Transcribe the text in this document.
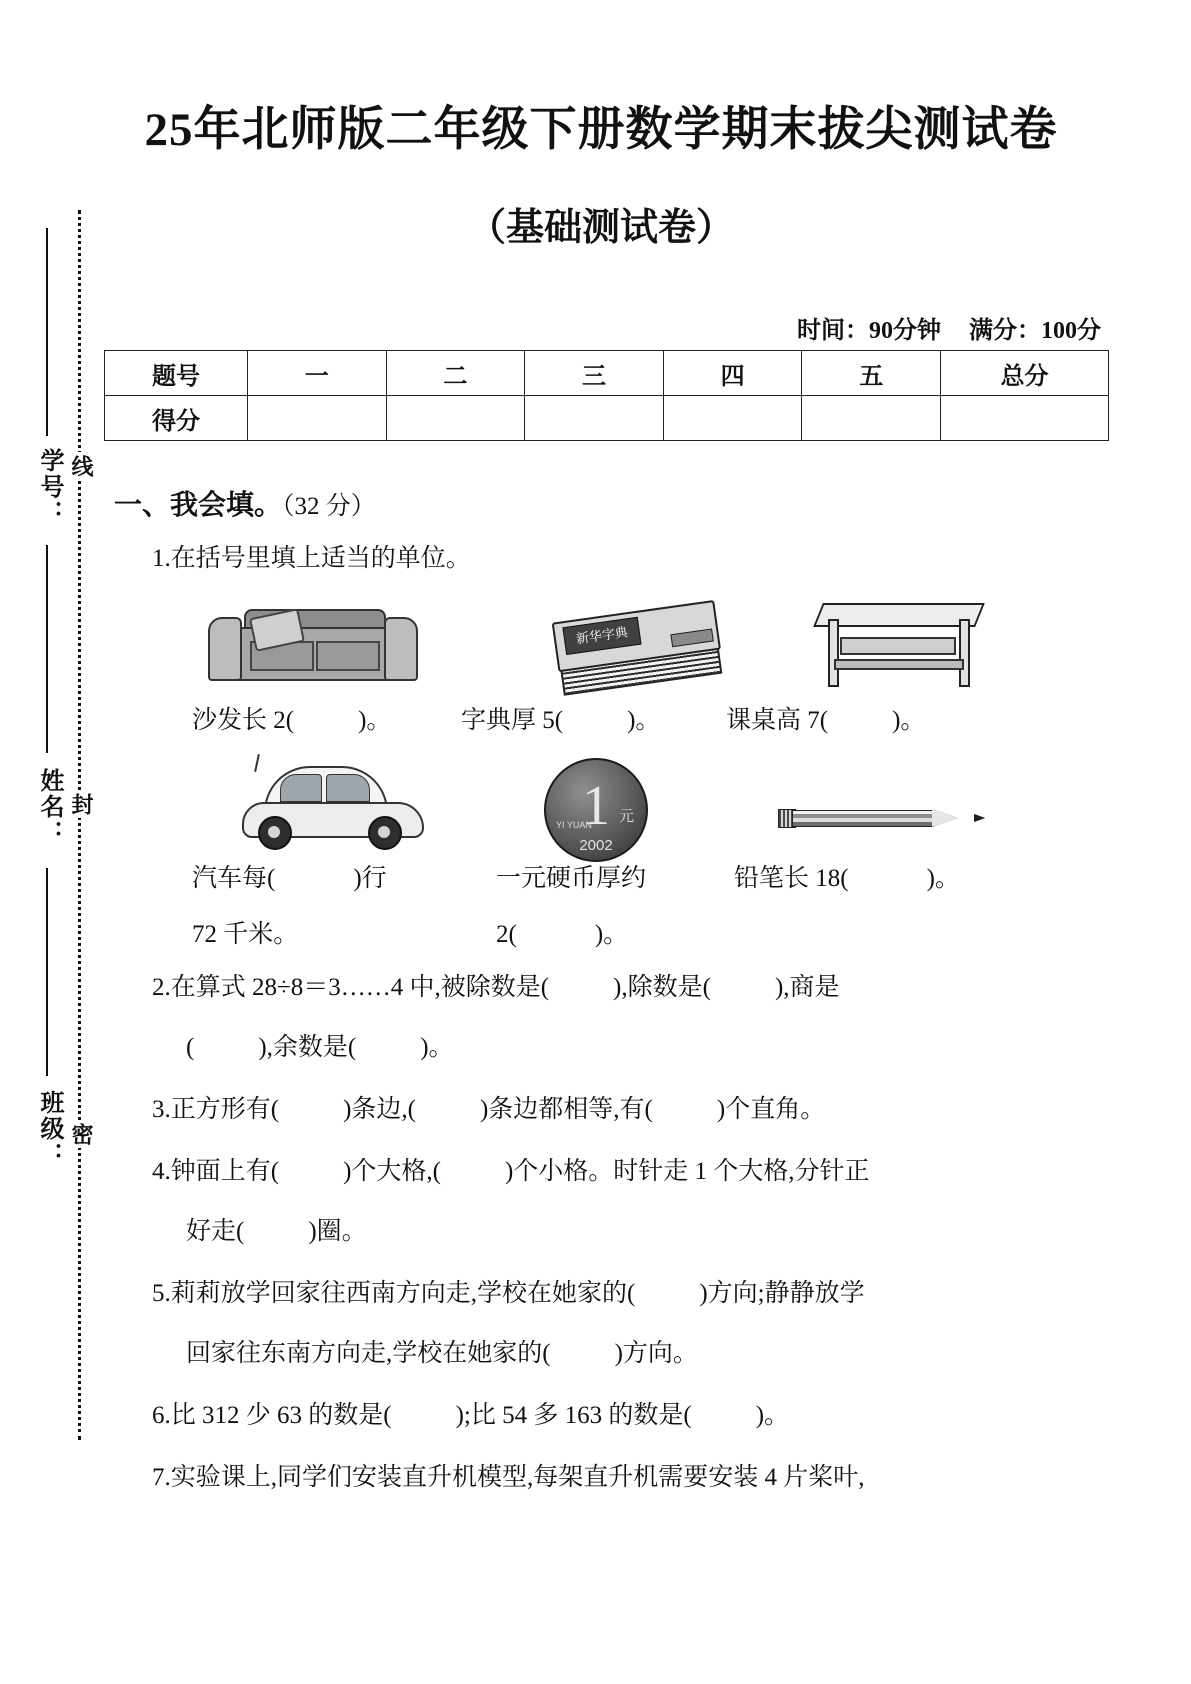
学号：
姓名：
班级：
线
封
密
25年北师版二年级下册数学期末拔尖测试卷
（基础测试卷）
时间：90分钟 满分：100分
题号	一	二	三	四	五	总分
得分						
一、我会填。（32 分）
1.在括号里填上适当的单位。
新华字典
沙发长 2(	)。	字典厚 5(	)。	课桌高 7(	)。
1 元
YI YUAN
2002
汽车每(	)行	一元硬币厚约	铅笔长 18(	)。
72 千米。	2(	)。
2.在算式 28÷8＝3……4 中,被除数是(	),除数是(	),商是
(	),余数是(	)。
3.正方形有(	)条边,(	)条边都相等,有(	)个直角。
4.钟面上有(	)个大格,(	)个小格。时针走 1 个大格,分针正
好走(	)圈。
5.莉莉放学回家往西南方向走,学校在她家的(	)方向;静静放学
回家往东南方向走,学校在她家的(	)方向。
6.比 312 少 63 的数是(	);比 54 多 163 的数是(	)。
7.实验课上,同学们安装直升机模型,每架直升机需要安装 4 片桨叶,
